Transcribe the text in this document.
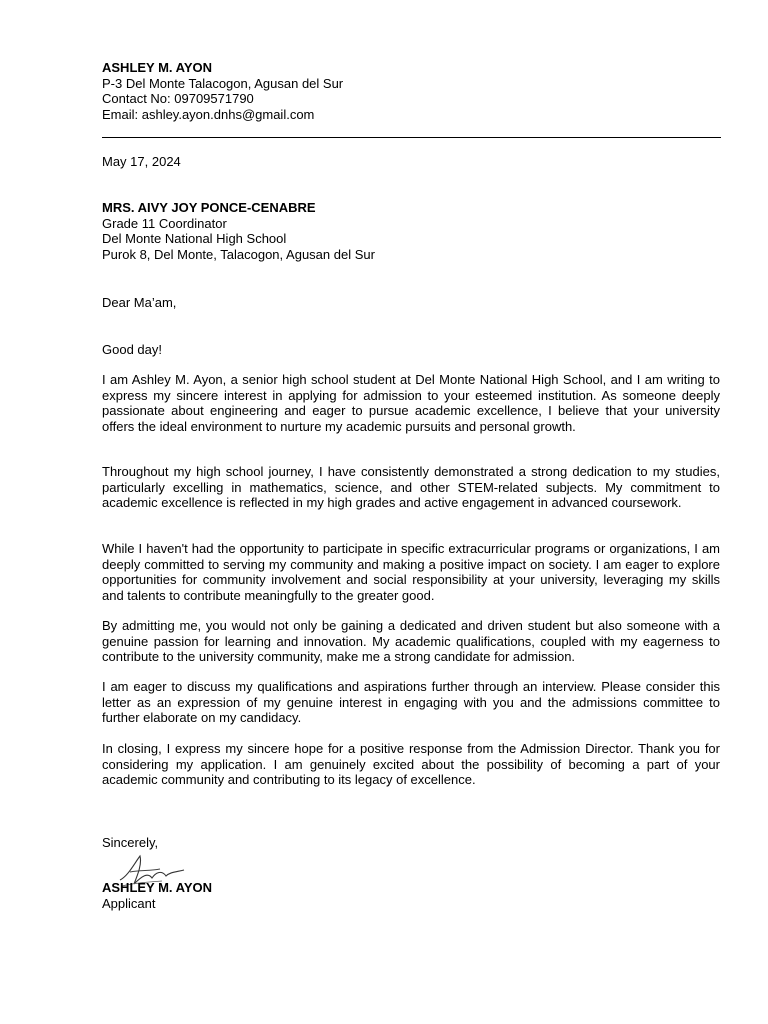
ASHLEY M. AYON
P-3 Del Monte Talacogon, Agusan del Sur
Contact No: 09709571790
Email: ashley.ayon.dnhs@gmail.com
May 17, 2024
MRS. AIVY JOY PONCE-CENABRE
Grade 11 Coordinator
Del Monte National High School
Purok 8, Del Monte, Talacogon, Agusan del Sur
Dear Ma’am,
Good day!
I am Ashley M. Ayon, a senior high school student at Del Monte National High School, and I am writing to express my sincere interest in applying for admission to your esteemed institution. As someone deeply passionate about engineering and eager to pursue academic excellence, I believe that your university offers the ideal environment to nurture my academic pursuits and personal growth.
Throughout my high school journey, I have consistently demonstrated a strong dedication to my studies, particularly excelling in mathematics, science, and other STEM-related subjects. My commitment to academic excellence is reflected in my high grades and active engagement in advanced coursework.
While I haven't had the opportunity to participate in specific extracurricular programs or organizations, I am deeply committed to serving my community and making a positive impact on society. I am eager to explore opportunities for community involvement and social responsibility at your university, leveraging my skills and talents to contribute meaningfully to the greater good.
By admitting me, you would not only be gaining a dedicated and driven student but also someone with a genuine passion for learning and innovation. My academic qualifications, coupled with my eagerness to contribute to the university community, make me a strong candidate for admission.
I am eager to discuss my qualifications and aspirations further through an interview. Please consider this letter as an expression of my genuine interest in engaging with you and the admissions committee to further elaborate on my candidacy.
In closing, I express my sincere hope for a positive response from the Admission Director. Thank you for considering my application. I am genuinely excited about the possibility of becoming a part of your academic community and contributing to its legacy of excellence.
Sincerely,
ASHLEY M. AYON
Applicant
